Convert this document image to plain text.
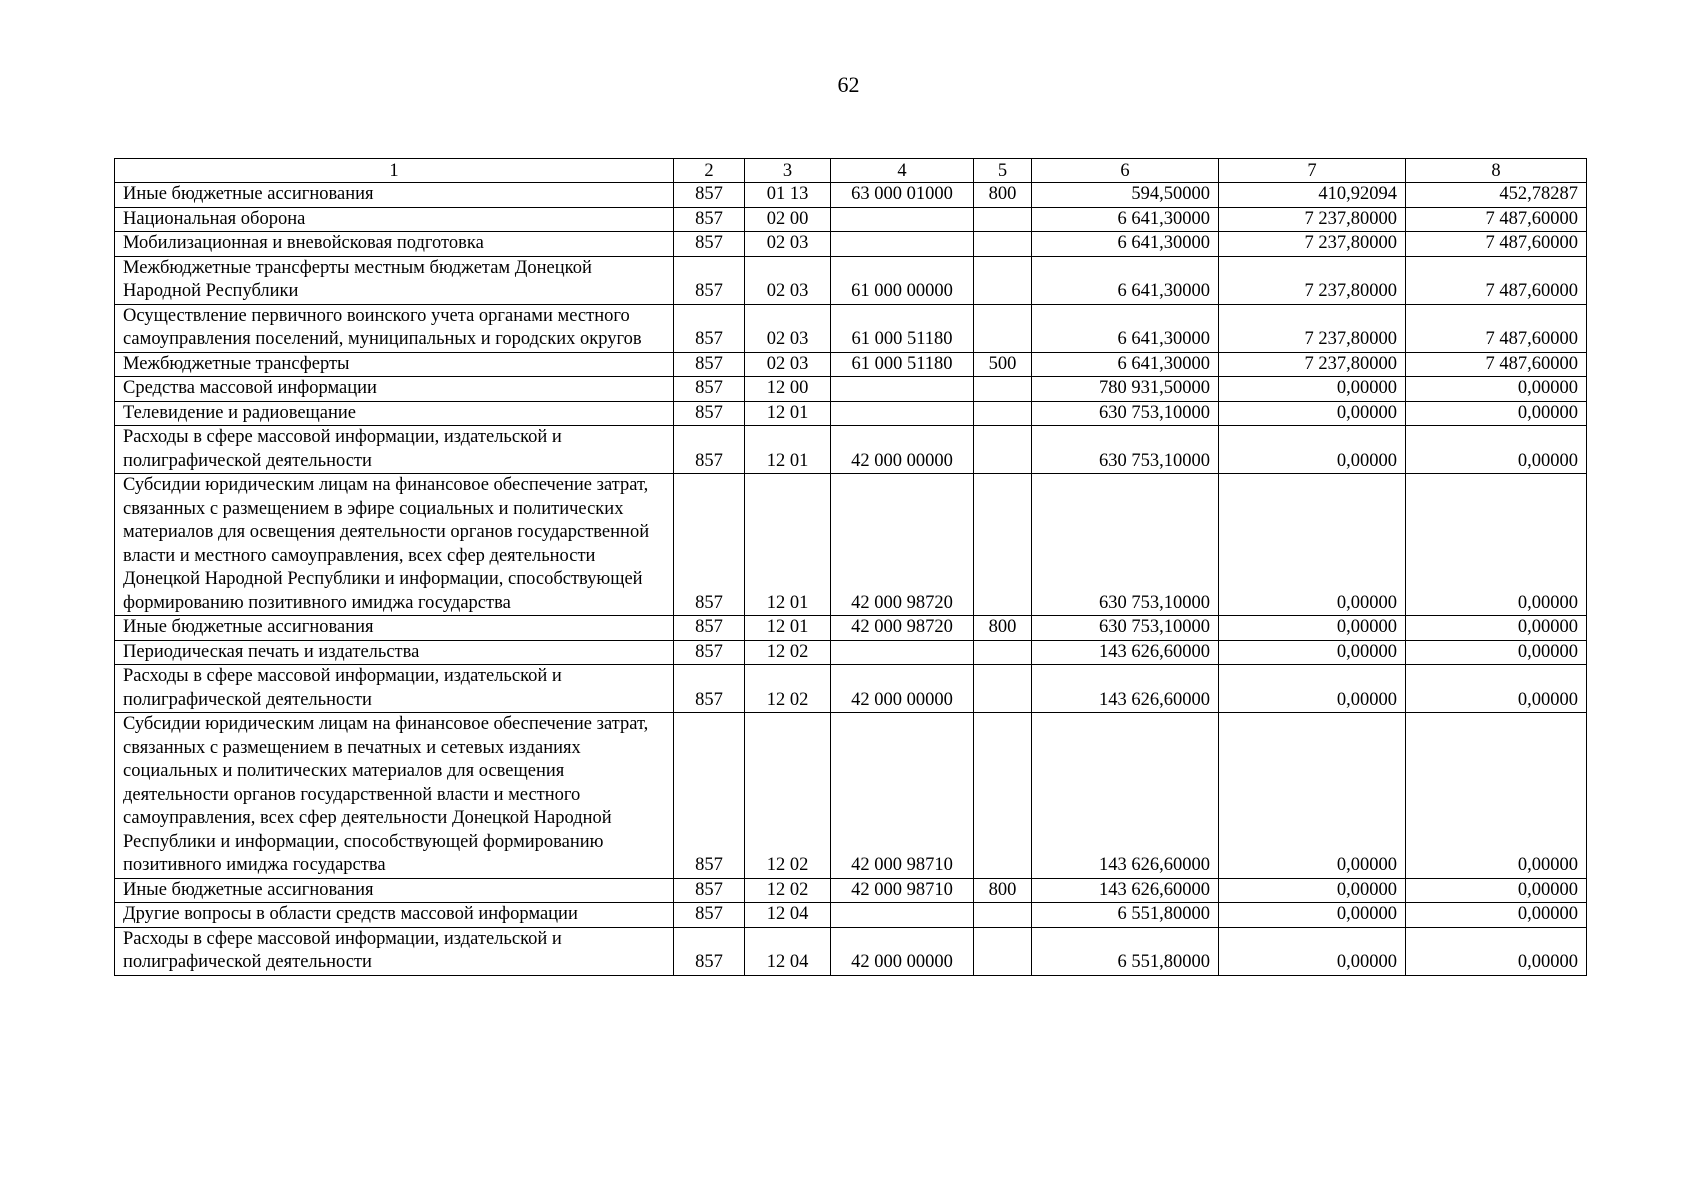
62
1	2	3	4	5	6	7	8
Иные бюджетные ассигнования	857	01 13	63 000 01000	800	594,50000	410,92094	452,78287
Национальная оборона	857	02 00			6 641,30000	7 237,80000	7 487,60000
Мобилизационная и вневойсковая подготовка	857	02 03			6 641,30000	7 237,80000	7 487,60000
Межбюджетные трансферты местным бюджетам Донецкой Народной Республики	857	02 03	61 000 00000		6 641,30000	7 237,80000	7 487,60000
Осуществление первичного воинского учета органами местного самоуправления поселений, муниципальных и городских округов	857	02 03	61 000 51180		6 641,30000	7 237,80000	7 487,60000
Межбюджетные трансферты	857	02 03	61 000 51180	500	6 641,30000	7 237,80000	7 487,60000
Средства массовой информации	857	12 00			780 931,50000	0,00000	0,00000
Телевидение и радиовещание	857	12 01			630 753,10000	0,00000	0,00000
Расходы в сфере массовой информации, издательской и полиграфической деятельности	857	12 01	42 000 00000		630 753,10000	0,00000	0,00000
Субсидии юридическим лицам на финансовое обеспечение затрат, связанных с размещением в эфире социальных и политических материалов для освещения деятельности органов государственной власти и местного самоуправления, всех сфер деятельности Донецкой Народной Республики и информации, способствующей формированию позитивного имиджа государства	857	12 01	42 000 98720		630 753,10000	0,00000	0,00000
Иные бюджетные ассигнования	857	12 01	42 000 98720	800	630 753,10000	0,00000	0,00000
Периодическая печать и издательства	857	12 02			143 626,60000	0,00000	0,00000
Расходы в сфере массовой информации, издательской и полиграфической деятельности	857	12 02	42 000 00000		143 626,60000	0,00000	0,00000
Субсидии юридическим лицам на финансовое обеспечение затрат, связанных с размещением в печатных и сетевых изданиях социальных и политических материалов для освещения деятельности органов государственной власти и местного самоуправления, всех сфер деятельности Донецкой Народной Республики и информации, способствующей формированию позитивного имиджа государства	857	12 02	42 000 98710		143 626,60000	0,00000	0,00000
Иные бюджетные ассигнования	857	12 02	42 000 98710	800	143 626,60000	0,00000	0,00000
Другие вопросы в области средств массовой информации	857	12 04			6 551,80000	0,00000	0,00000
Расходы в сфере массовой информации, издательской и полиграфической деятельности	857	12 04	42 000 00000		6 551,80000	0,00000	0,00000
